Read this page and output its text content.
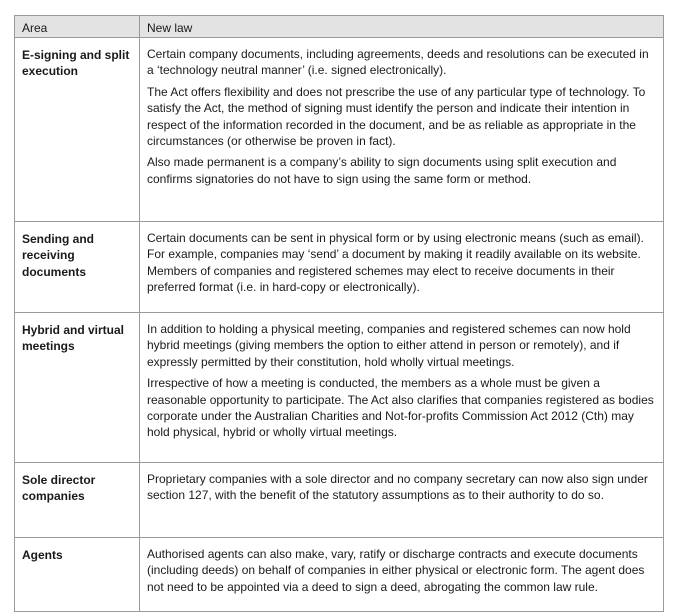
Area	New law
E-signing and split execution	Certain company documents, including agreements, deeds and resolutions can be executed in a ‘technology neutral manner’ (i.e. signed electronically).

The Act offers flexibility and does not prescribe the use of any particular type of technology. To satisfy the Act, the method of signing must identify the person and indicate their intention in respect of the information recorded in the document, and be as reliable as appropriate in the circumstances (or otherwise be proven in fact).

Also made permanent is a company’s ability to sign documents using split execution and confirms signatories do not have to sign using the same form or method.

Sending and receiving documents	Certain documents can be sent in physical form or by using electronic means (such as email). For example, companies may ‘send’ a document by making it readily available on its website. Members of companies and registered schemes may elect to receive documents in their preferred format (i.e. in hard-copy or electronically).

Hybrid and virtual meetings	In addition to holding a physical meeting, companies and registered schemes can now hold hybrid meetings (giving members the option to either attend in person or remotely), and if expressly permitted by their constitution, hold wholly virtual meetings.

Irrespective of how a meeting is conducted, the members as a whole must be given a reasonable opportunity to participate. The Act also clarifies that companies registered as bodies corporate under the Australian Charities and Not-for-profits Commission Act 2012 (Cth) may hold physical, hybrid or wholly virtual meetings.

Sole director companies	Proprietary companies with a sole director and no company secretary can now also sign under section 127, with the benefit of the statutory assumptions as to their authority to do so.

Agents	Authorised agents can also make, vary, ratify or discharge contracts and execute documents (including deeds) on behalf of companies in either physical or electronic form. The agent does not need to be appointed via a deed to sign a deed, abrogating the common law rule.
